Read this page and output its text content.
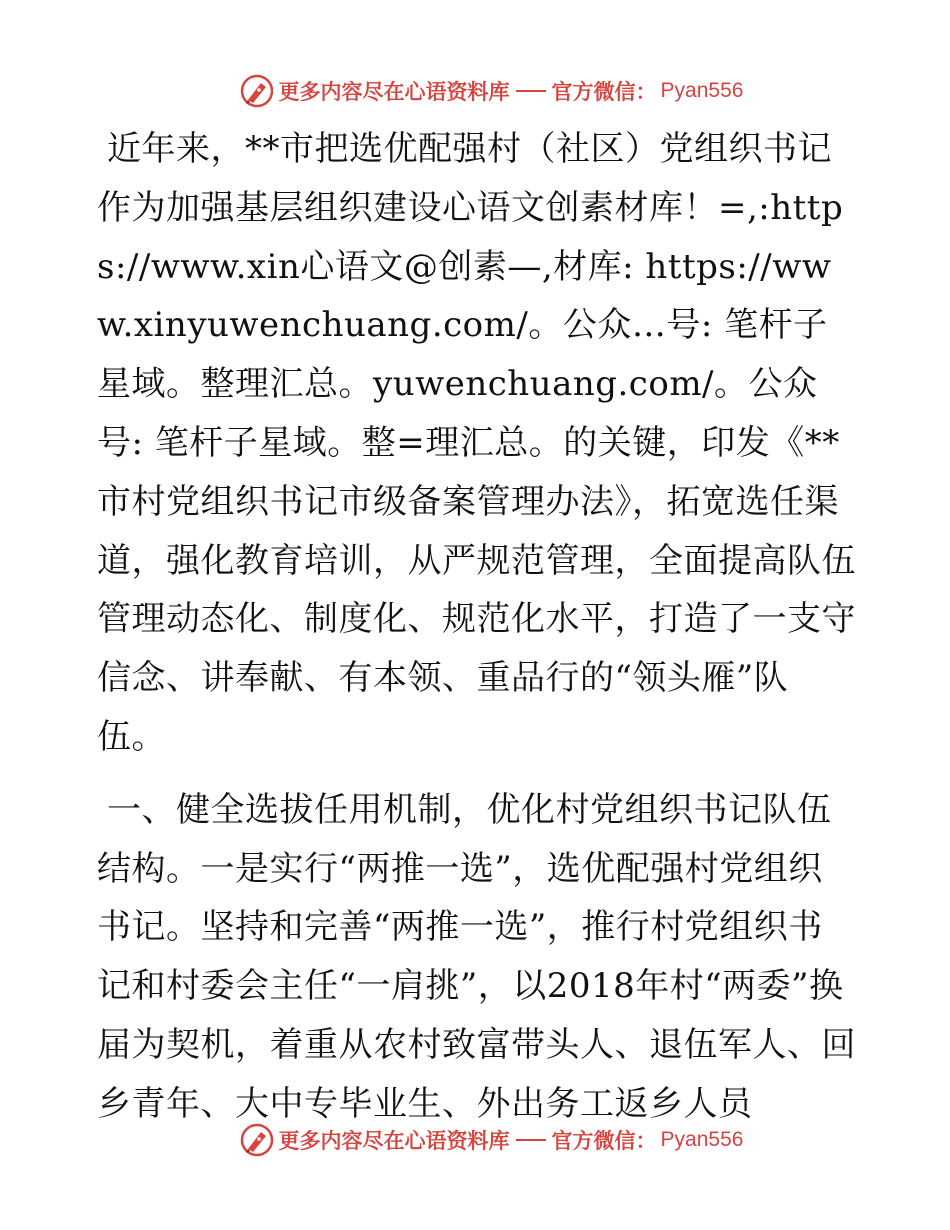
更多内容尽在心语资料库 官方微信： Pyan556

近年来，**市把选优配强村（社区）党组织书记作为加强基层组织建设心语文创素材库！=,:https://www.xin心语文@创素—,材库: https://www.xinyuwenchuang.com/。公众…号: 笔杆子星域。整理汇总。yuwenchuang.com/。公众号: 笔杆子星域。整=理汇总。的关键，印发《**市村党组织书记市级备案管理办法》，拓宽选任渠道，强化教育培训，从严规范管理，全面提高队伍管理动态化、制度化、规范化水平，打造了一支守信念、讲奉献、有本领、重品行的“领头雁”队伍。

一、健全选拔任用机制，优化村党组织书记队伍结构。一是实行“两推一选”，选优配强村党组织书记。坚持和完善“两推一选”，推行村党组织书记和村委会主任“一肩挑”，以2018年村“两委”换届为契机，着重从农村致富带头人、退伍军人、回乡青年、大中专毕业生、外出务工返乡人员

更多内容尽在心语资料库 官方微信： Pyan556
